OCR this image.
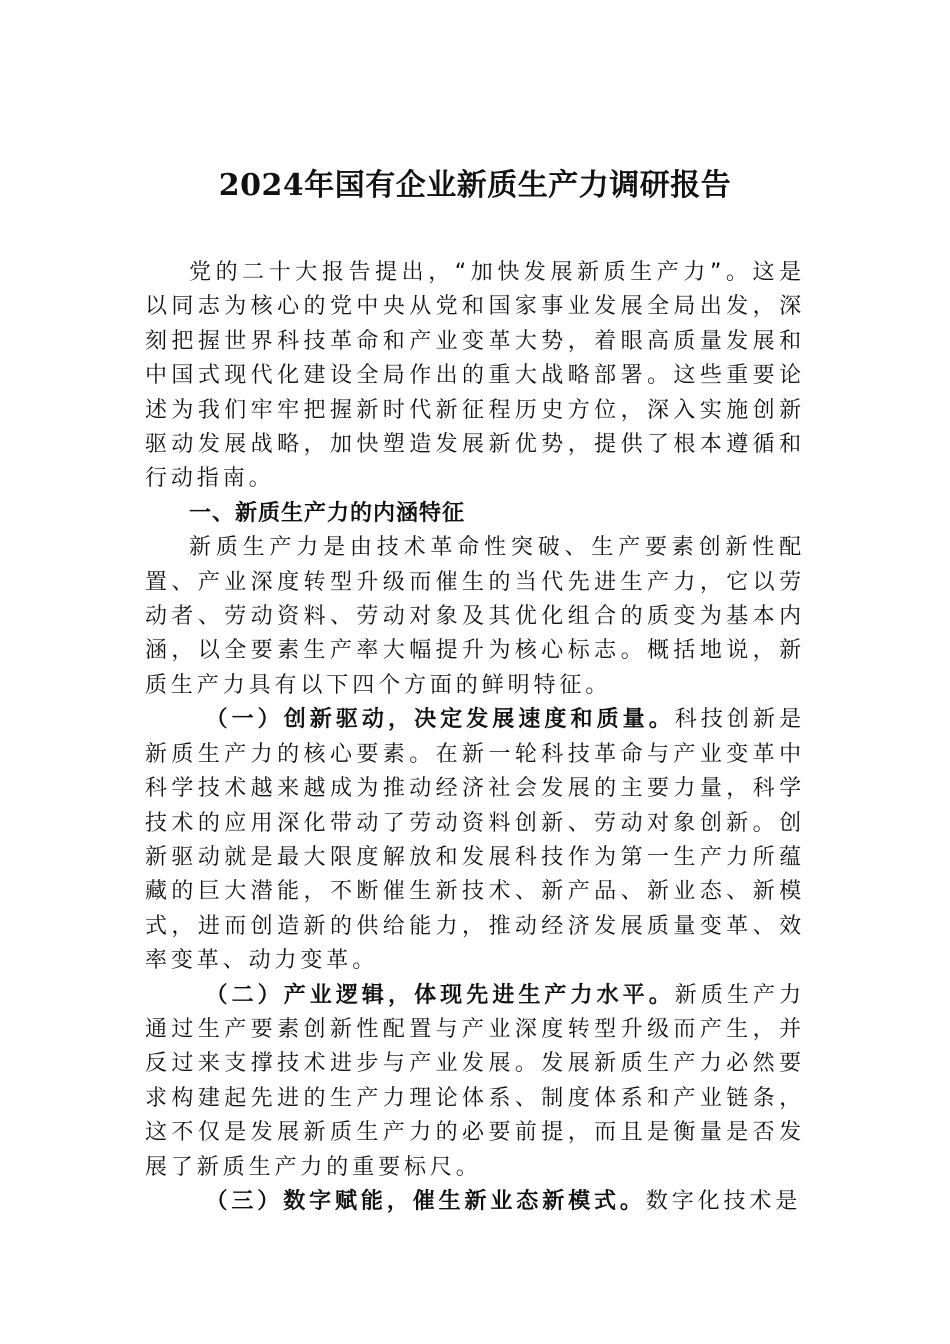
2024年国有企业新质生产力调研报告

党的二十大报告提出，“加快发展新质生产力”。这是以同志为核心的党中央从党和国家事业发展全局出发，深刻把握世界科技革命和产业变革大势，着眼高质量发展和中国式现代化建设全局作出的重大战略部署。这些重要论述为我们牢牢把握新时代新征程历史方位，深入实施创新驱动发展战略，加快塑造发展新优势，提供了根本遵循和行动指南。

一、新质生产力的内涵特征

新质生产力是由技术革命性突破、生产要素创新性配置、产业深度转型升级而催生的当代先进生产力，它以劳动者、劳动资料、劳动对象及其优化组合的质变为基本内涵，以全要素生产率大幅提升为核心标志。概括地说，新质生产力具有以下四个方面的鲜明特征。

（一）创新驱动，决定发展速度和质量。科技创新是新质生产力的核心要素。在新一轮科技革命与产业变革中科学技术越来越成为推动经济社会发展的主要力量，科学技术的应用深化带动了劳动资料创新、劳动对象创新。创新驱动就是最大限度解放和发展科技作为第一生产力所蕴藏的巨大潜能，不断催生新技术、新产品、新业态、新模式，进而创造新的供给能力，推动经济发展质量变革、效率变革、动力变革。

（二）产业逻辑，体现先进生产力水平。新质生产力通过生产要素创新性配置与产业深度转型升级而产生，并反过来支撑技术进步与产业发展。发展新质生产力必然要求构建起先进的生产力理论体系、制度体系和产业链条，这不仅是发展新质生产力的必要前提，而且是衡量是否发展了新质生产力的重要标尺。

（三）数字赋能，催生新业态新模式。数字化技术是
